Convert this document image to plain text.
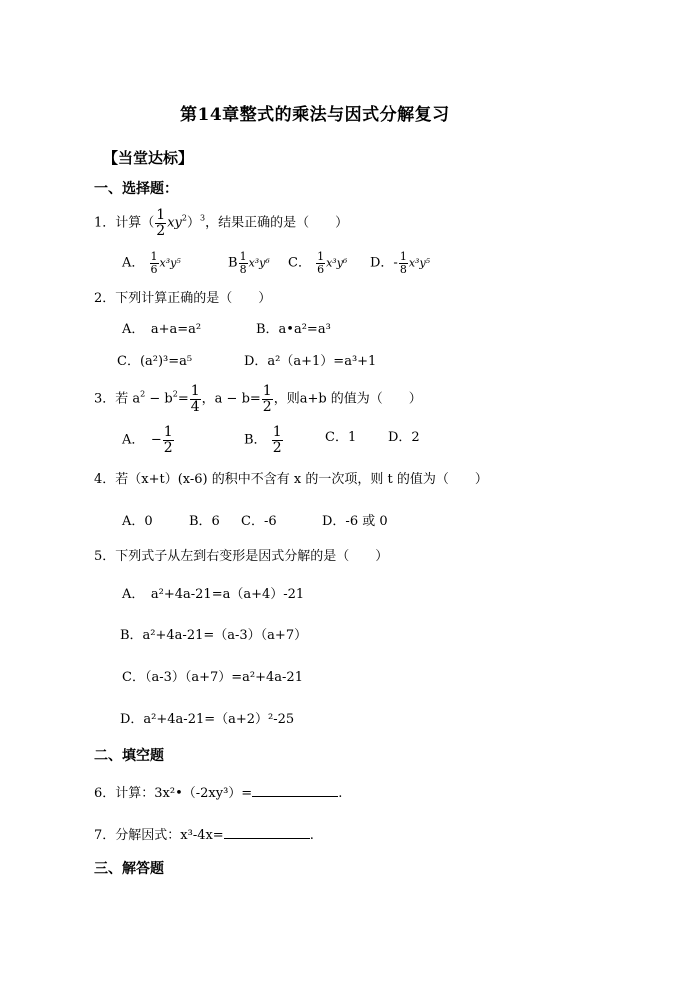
第14章整式的乘法与因式分解复习
【当堂达标】
一、选择题：
1．计算（ $\frac{1}{2} xy^2)^3$，结果正确的是（　　）
A． $\frac{1}{6} x^3y^5$	B $\frac{1}{8} x^3y^6$ C． $\frac{1}{6} x^3y^6$ D．- $\frac{1}{8} x^3y^5$
2．下列计算正确的是（　　）
A．　a+a=a²	B．a•a²=a³
C．(a²)³=a⁵	D．a²（a+1）=a³+1
3．若 $a^2 - b^2= \frac{1}{4}$ ，$a - b= \frac{1}{2}$ ，则a+b 的值为（　　）
A．　− $\frac{1}{2}$	B． $\frac{1}{2}$	C．1 D．2
4．若（x+t）(x-6) 的积中不含有 x 的一次项，则 t 的值为（　　）
A．0	B．6 C．-6	D．-6 或 0
5．下列式子从左到右变形是因式分解的是（　　）
A．　a²+4a-21=a（a+4）-21
B．a²+4a-21=（a-3）（a+7）
C．（a-3）（a+7）=a²+4a-21
D．a²+4a-21=（a+2）²-25
二、填空题
6．计算：3x²•（-2xy³）=	.
7．分解因式：x³-4x=	.
三、解答题
